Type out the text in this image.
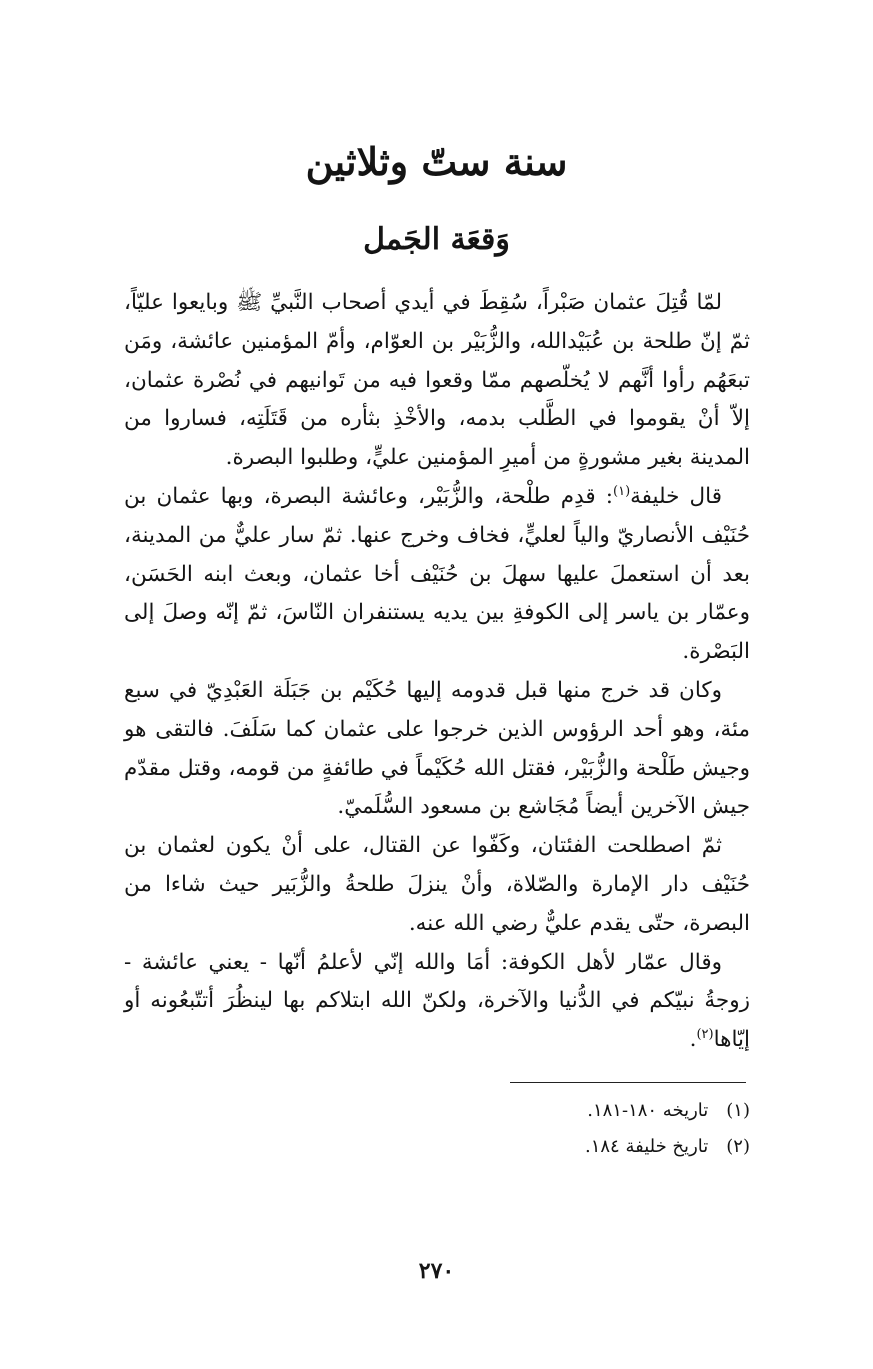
سنة ستّ وثلاثين
وَقعَة الجَمل

لمّا قُتِلَ عثمان صَبْراً، سُقِطَ في أيدي أصحاب النَّبيِّ ﷺ وبايعوا عليّاً، ثمّ إنّ طلحة بن عُبَيْدالله، والزُّبَيْر بن العوّام، وأمّ المؤمنين عائشة، ومَن تبعَهُم رأوا أنَّهم لا يُخلّصهم ممّا وقعوا فيه من تَوانيهم في نُصْرة عثمان، إلاّ أنْ يقوموا في الطَّلب بدمه، والأخْذِ بثأره من قَتَلَتِه، فساروا من المدينة بغير مشورةٍ من أميرِ المؤمنين عليٍّ، وطلبوا البصرة.

قال خليفة$^{(١)}$: قدِم طلْحة، والزُّبَيْر، وعائشة البصرة، وبها عثمان بن حُنَيْف الأنصاريّ والياً لعليٍّ، فخاف وخرج عنها. ثمّ سار عليٌّ من المدينة، بعد أن استعملَ عليها سهلَ بن حُنَيْف أخا عثمان، وبعث ابنه الحَسَن، وعمّار بن ياسر إلى الكوفةِ بين يديه يستنفران النّاسَ، ثمّ إنّه وصلَ إلى البَصْرة.

وكان قد خرج منها قبل قدومه إليها حُكَيْم بن جَبَلَة العَبْدِيّ في سبع مئة، وهو أحد الرؤوس الذين خرجوا على عثمان كما سَلَفَ. فالتقى هو وجيش طَلْحة والزُّبَيْر، فقتل الله حُكَيْماً في طائفةٍ من قومه، وقتل مقدّم جيش الآخرين أيضاً مُجَاشع بن مسعود السُّلَميّ.

ثمّ اصطلحت الفئتان، وكَفّوا عن القتال، على أنْ يكون لعثمان بن حُنَيْف دار الإمارة والصّلاة، وأنْ ينزلَ طلحةُ والزُّبَير حيث شاءا من البصرة، حتّى يقدم عليٌّ رضي الله عنه.

وقال عمّار لأهل الكوفة: أمَا والله إنّي لأعلمُ أنّها - يعني عائشة - زوجةُ نبيّكم في الدُّنيا والآخرة، ولكنّ الله ابتلاكم بها لينظُرَ أتتّبعُونه أو إيّاها$^{(٢)}$.

(١) تاريخه ١٨٠-١٨١.
(٢) تاريخ خليفة ١٨٤.
٢٧٠
